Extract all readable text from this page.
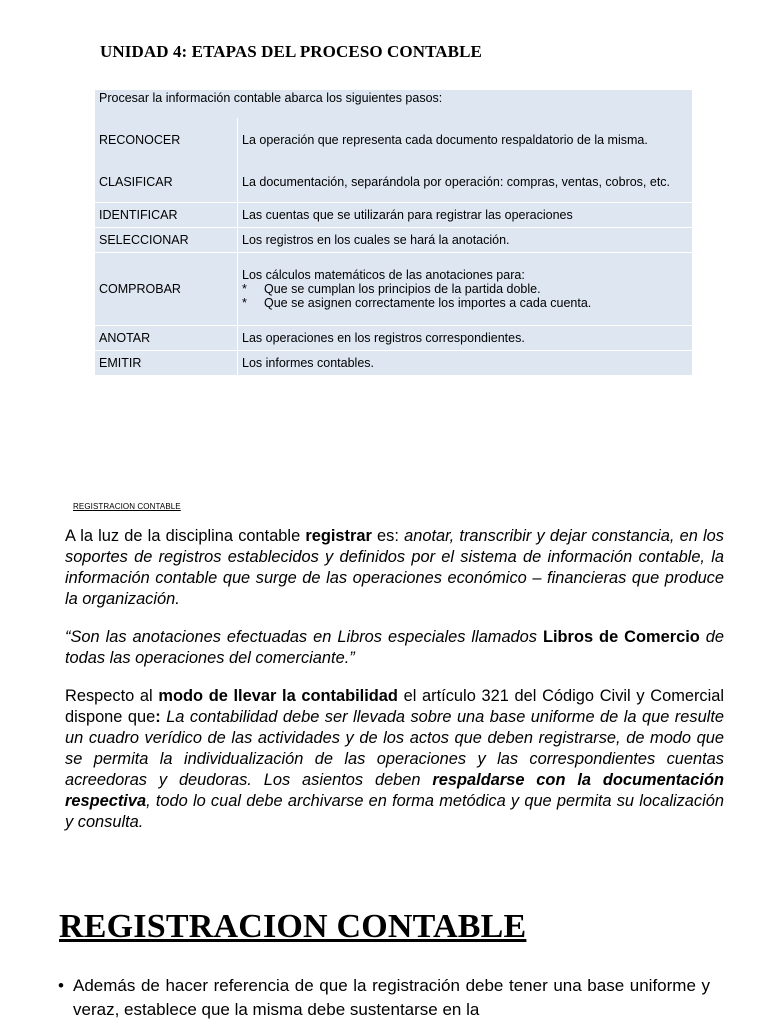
UNIDAD 4: ETAPAS DEL PROCESO CONTABLE
Procesar la información contable abarca los siguientes pasos:	
RECONOCER	La operación que representa cada documento respaldatorio de la misma.
CLASIFICAR	La documentación, separándola por operación: compras, ventas, cobros, etc.
IDENTIFICAR	Las cuentas que se utilizarán para registrar las operaciones
SELECCIONAR	Los registros en los cuales se hará la anotación.
COMPROBAR	Los cálculos matemáticos de las anotaciones para:
* Que se cumplan los principios de la partida doble.
* Que se asignen correctamente los importes a cada cuenta.

ANOTAR	Las operaciones en los registros correspondientes.
EMITIR	Los informes contables.
REGISTRACION CONTABLE

A la luz de la disciplina contable registrar es: anotar, transcribir y dejar constancia, en los soportes de registros establecidos y definidos por el sistema de información contable, la información contable que surge de las operaciones económico – financieras que produce la organización.

“Son las anotaciones efectuadas en Libros especiales llamados Libros de Comercio de todas las operaciones del comerciante.”

Respecto al modo de llevar la contabilidad el artículo 321 del Código Civil y Comercial dispone que: La contabilidad debe ser llevada sobre una base uniforme de la que resulte un cuadro verídico de las actividades y de los actos que deben registrarse, de modo que se permita la individualización de las operaciones y las correspondientes cuentas acreedoras y deudoras. Los asientos deben respaldarse con la documentación respectiva, todo lo cual debe archivarse en forma metódica y que permita su localización y consulta.

REGISTRACION CONTABLE
• Además de hacer referencia de que la registración debe tener una base uniforme y veraz, establece que la misma debe sustentarse en la
